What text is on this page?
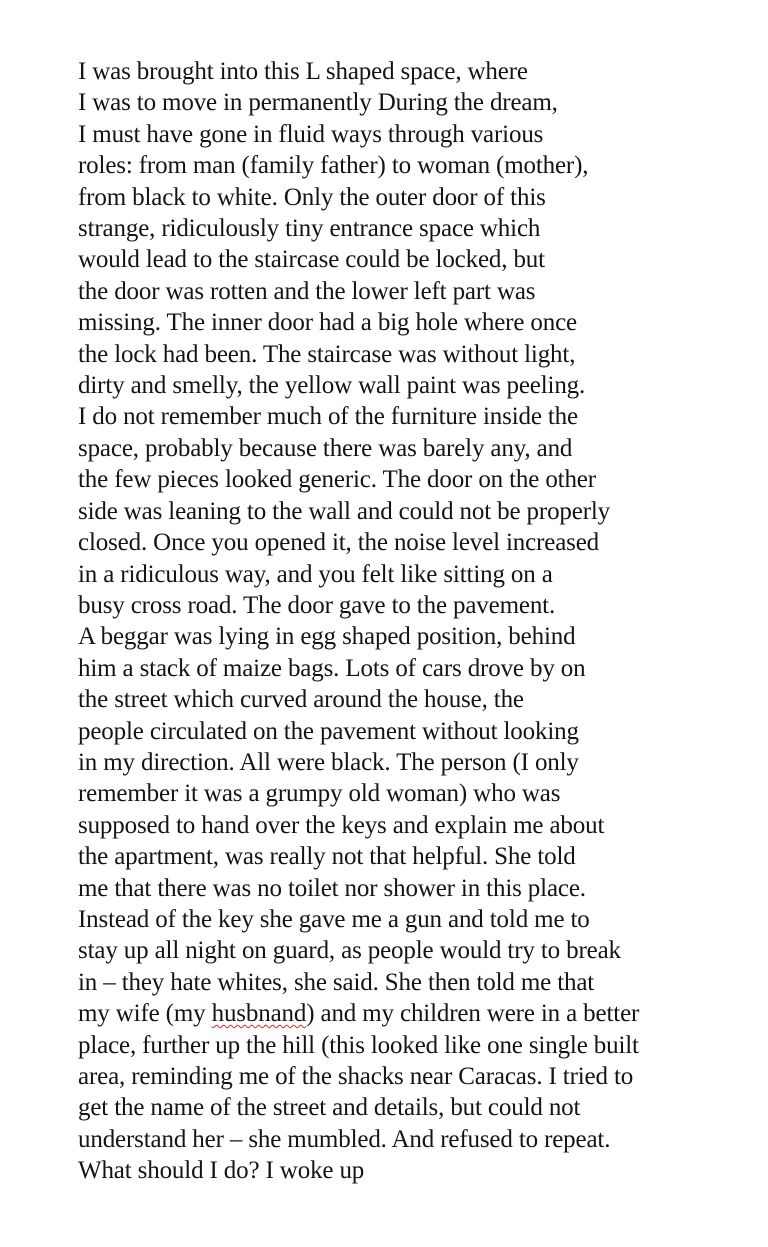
I was brought into this L shaped space, where
I was to move in permanently During the dream,
I must have gone in fluid ways through various
roles: from man (family father) to woman (mother),
from black to white. Only the outer door of this
strange, ridiculously tiny entrance space which
would lead to the staircase could be locked, but
the door was rotten and the lower left part was
missing. The inner door had a big hole where once
the lock had been. The staircase was without light,
dirty and smelly, the yellow wall paint was peeling.
I do not remember much of the furniture inside the
space, probably because there was barely any, and
the few pieces looked generic. The door on the other
side was leaning to the wall and could not be properly
closed. Once you opened it, the noise level increased
in a ridiculous way, and you felt like sitting on a
busy cross road. The door gave to the pavement.
A beggar was lying in egg shaped position, behind
him a stack of maize bags. Lots of cars drove by on
the street which curved around the house, the
people circulated on the pavement without looking
in my direction. All were black. The person (I only
remember it was a grumpy old woman) who was
supposed to hand over the keys and explain me about
the apartment, was really not that helpful. She told
me that there was no toilet nor shower in this place.
Instead of the key she gave me a gun and told me to
stay up all night on guard, as people would try to break
in – they hate whites, she said. She then told me that
my wife (my husbnand) and my children were in a better
place, further up the hill (this looked like one single built
area, reminding me of the shacks near Caracas. I tried to
get the name of the street and details, but could not
understand her – she mumbled. And refused to repeat.
What should I do? I woke up
